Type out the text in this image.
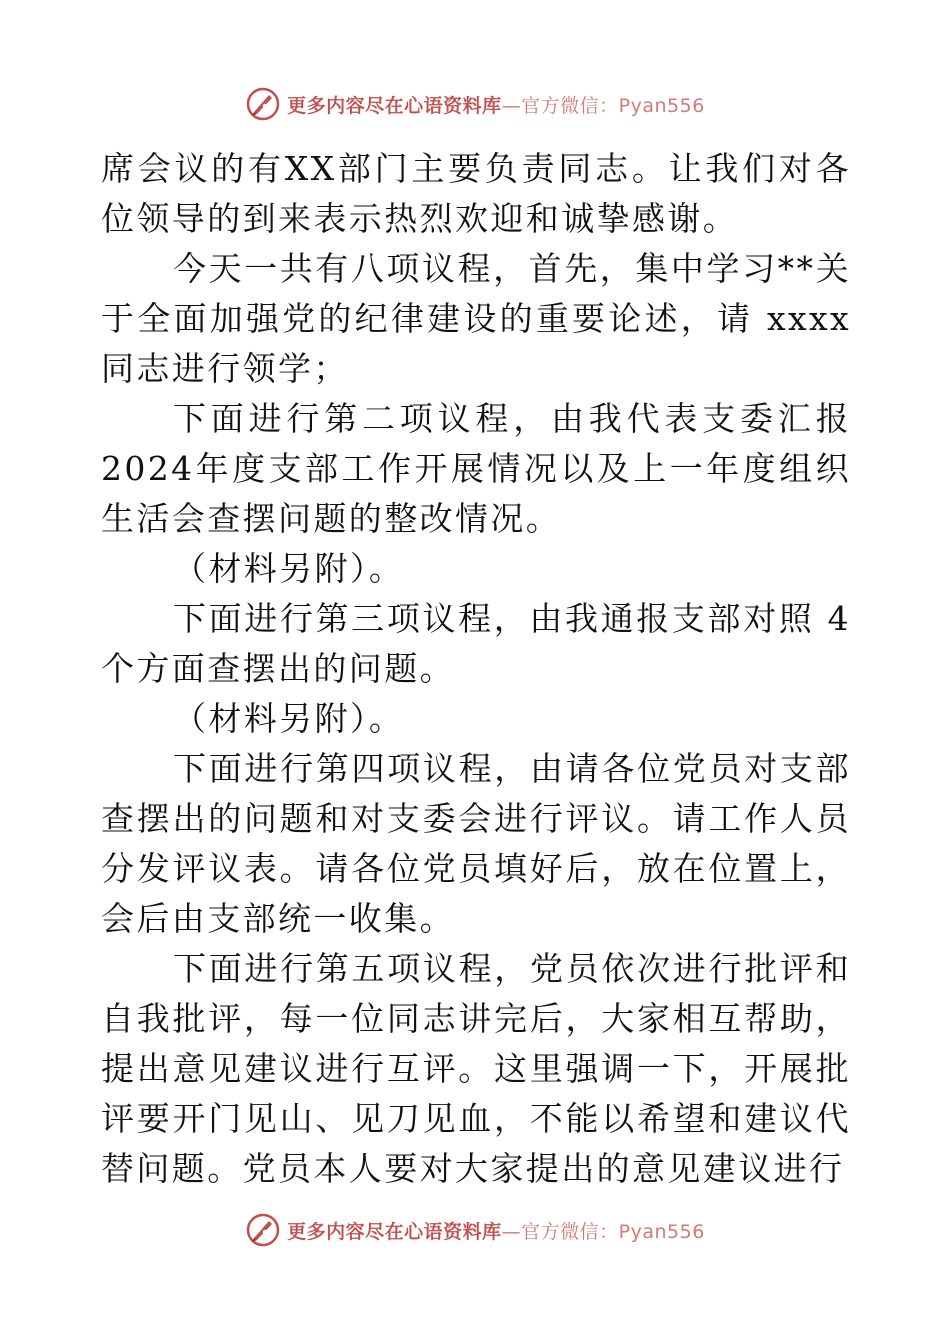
更多内容尽在心语资料库—官方微信：Pyan556

席会议的有XX部门主要负责同志。让我们对各位领导的到来表示热烈欢迎和诚挚感谢。

今天一共有八项议程，首先，集中学习**关于全面加强党的纪律建设的重要论述，请 xxxx 同志进行领学；

下面进行第二项议程，由我代表支委汇报2024年度支部工作开展情况以及上一年度组织生活会查摆问题的整改情况。

（材料另附）。

下面进行第三项议程，由我通报支部对照 4 个方面查摆出的问题。

（材料另附）。

下面进行第四项议程，由请各位党员对支部查摆出的问题和对支委会进行评议。请工作人员分发评议表。请各位党员填好后，放在位置上，会后由支部统一收集。

下面进行第五项议程，党员依次进行批评和自我批评，每一位同志讲完后，大家相互帮助，提出意见建议进行互评。这里强调一下，开展批评要开门见山、见刀见血，不能以希望和建议代替问题。党员本人要对大家提出的意见建议进行

更多内容尽在心语资料库—官方微信：Pyan556
